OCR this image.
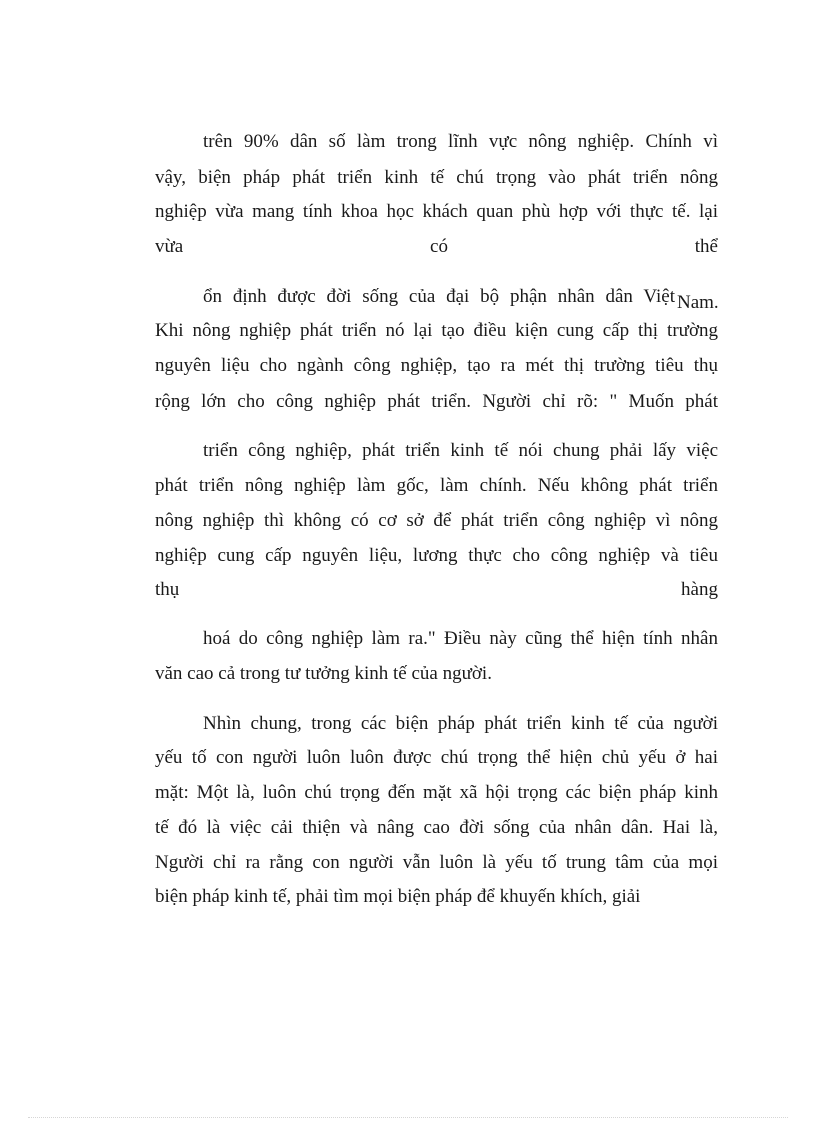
trên 90% dân số làm trong lĩnh vực nông nghiệp. Chính vì
vậy, biện pháp phát triển kinh tế chú trọng vào phát triển nông
nghiệp vừa mang tính khoa học khách quan phù hợp với thực tế. lại
vừa có thể
ổn định được đời sống của đại bộ phận nhân dân Việt Nam.
Khi nông nghiệp phát triển nó lại tạo điều kiện cung cấp thị trường
nguyên liệu cho ngành công nghiệp, tạo ra mét thị trường tiêu thụ
rộng lớn cho công nghiệp phát triển. Người chỉ rõ: " Muốn phát
triển công nghiệp, phát triển kinh tế nói chung phải lấy việc
phát triển nông nghiệp làm gốc, làm chính. Nếu không phát triển
nông nghiệp thì không có cơ sở để phát triển công nghiệp vì nông
nghiệp cung cấp nguyên liệu, lương thực cho công nghiệp và tiêu
thụ hàng
hoá do công nghiệp làm ra." Điều này cũng thể hiện tính nhân
văn cao cả trong tư tưởng kinh tế của người.
Nhìn chung, trong các biện pháp phát triển kinh tế của người
yếu tố con người luôn luôn được chú trọng thể hiện chủ yếu ở hai
mặt: Một là, luôn chú trọng đến mặt xã hội trọng các biện pháp kinh
tế đó là việc cải thiện và nâng cao đời sống của nhân dân. Hai là,
Người chỉ ra rằng con người vẫn luôn là yếu tố trung tâm của mọi
biện pháp kinh tế, phải tìm mọi biện pháp để khuyến khích, giải
